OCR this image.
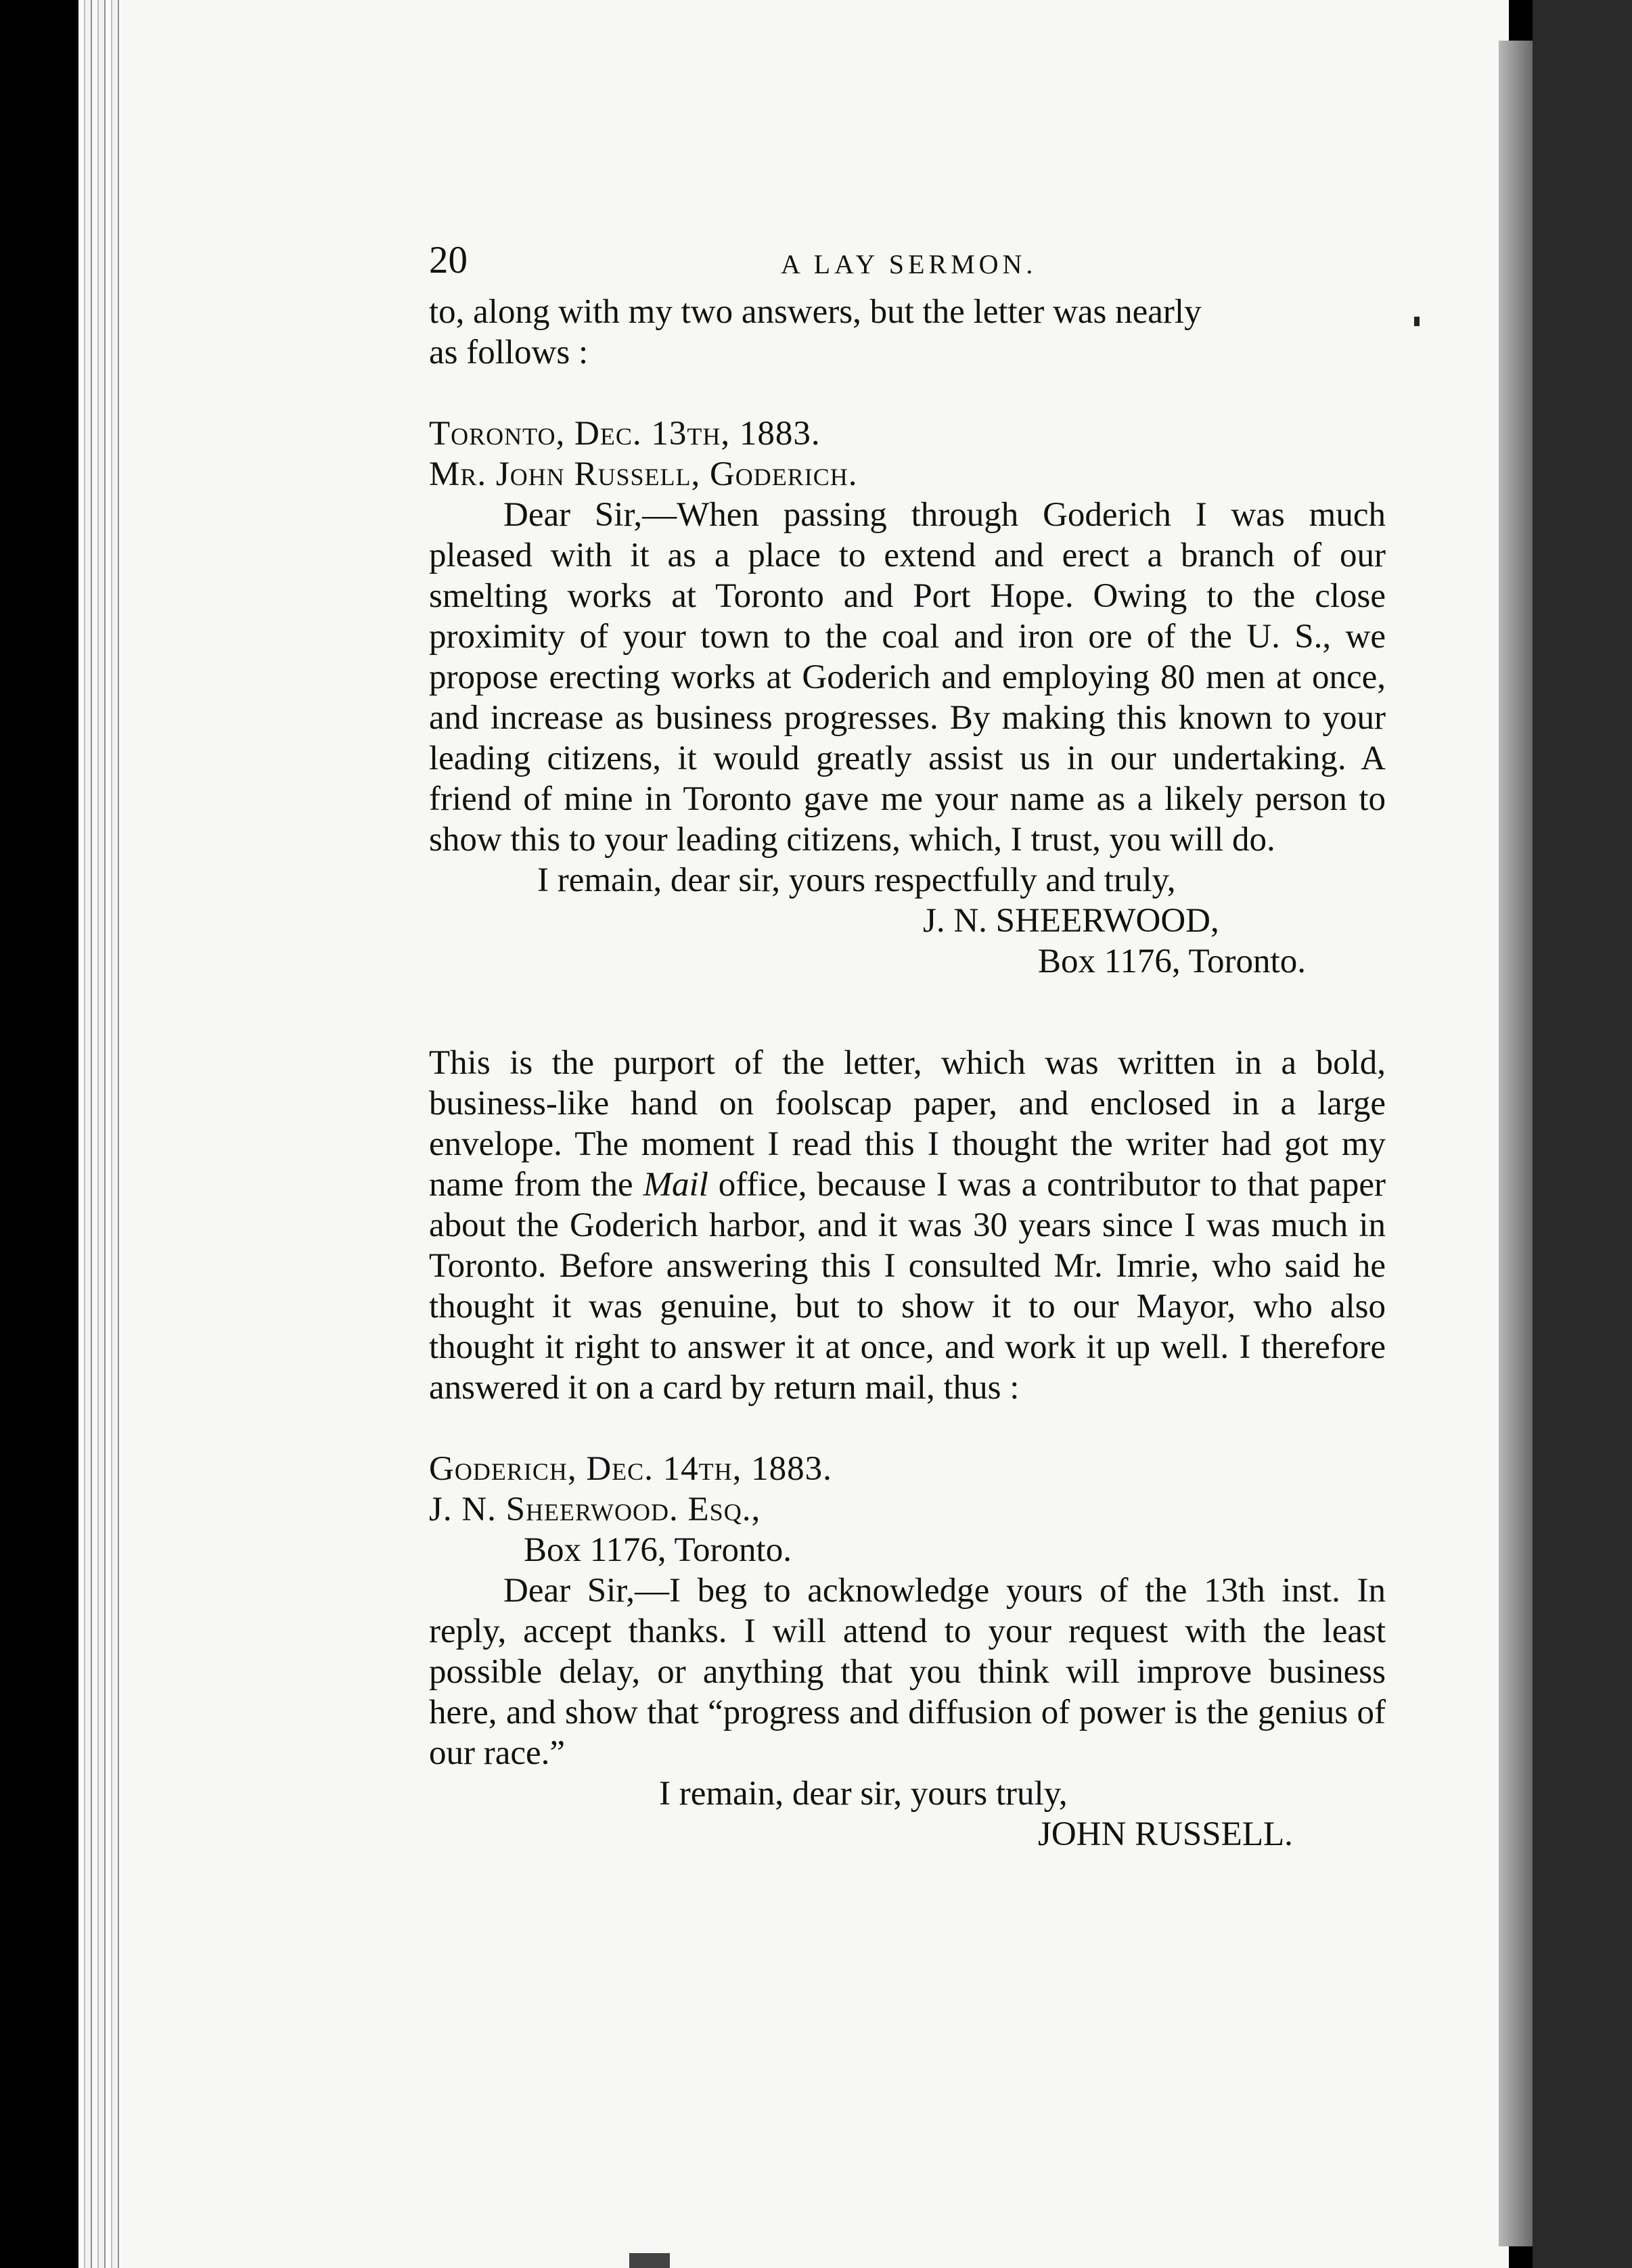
20	A LAY SERMON.

to, along with my two answers, but the letter was nearly

as follows :

Toronto, Dec. 13th, 1883.

Mr. John Russell, Goderich.

Dear Sir,—When passing through Goderich I was much pleased with it as a place to extend and erect a branch of our smelting works at Toronto and Port Hope. Owing to the close proximity of your town to the coal and iron ore of the U. S., we propose erecting works at Goderich and employing 80 men at once, and increase as business progresses. By making this known to your leading citizens, it would greatly assist us in our undertaking. A friend of mine in Toronto gave me your name as a likely person to show this to your leading citizens, which, I trust, you will do.

I remain, dear sir, yours respectfully and truly,

J. N. SHEERWOOD,

Box 1176, Toronto.

This is the purport of the letter, which was written in a bold, business-like hand on foolscap paper, and enclosed in a large envelope. The moment I read this I thought the writer had got my name from the Mail office, because I was a contributor to that paper about the Goderich harbor, and it was 30 years since I was much in Toronto. Before answering this I consulted Mr. Imrie, who said he thought it was genuine, but to show it to our Mayor, who also thought it right to answer it at once, and work it up well. I therefore answered it on a card by return mail, thus :

Goderich, Dec. 14th, 1883.

J. N. Sheerwood. Esq.,

Box 1176, Toronto.

Dear Sir,—I beg to acknowledge yours of the 13th inst. In reply, accept thanks. I will attend to your request with the least possible delay, or anything that you think will improve business here, and show that “progress and diffusion of power is the genius of our race.”

I remain, dear sir, yours truly,

JOHN RUSSELL.
